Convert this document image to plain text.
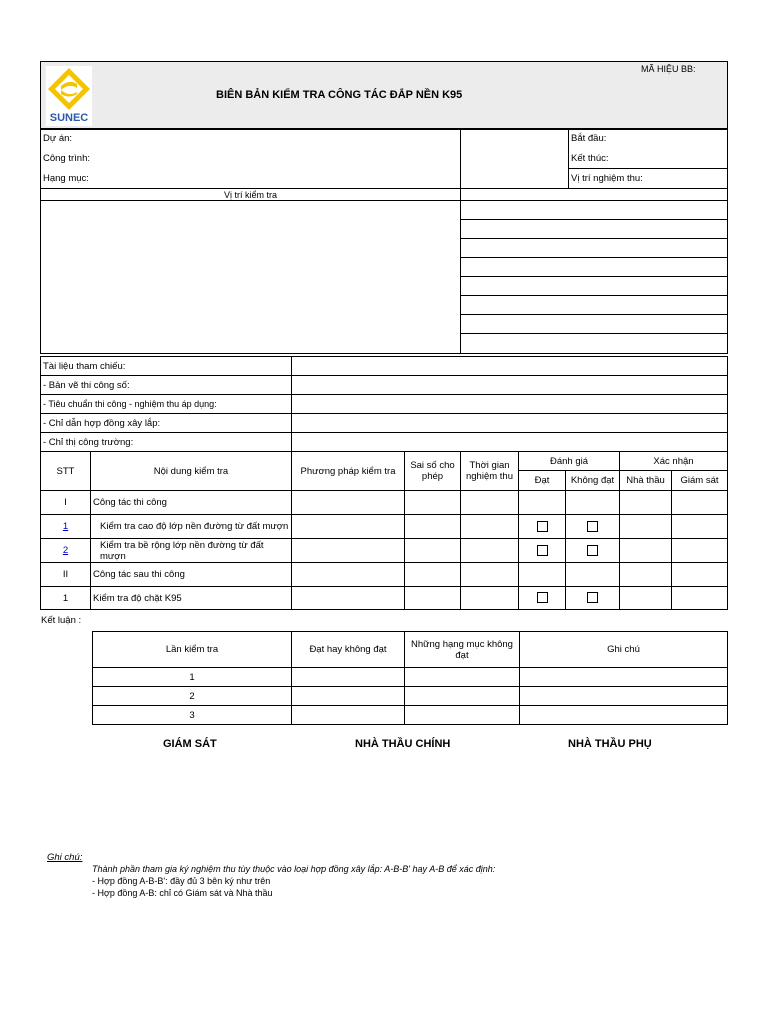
SUNEC
BIÊN BẢN KIỂM TRA CÔNG TÁC ĐẮP NỀN K95
MÃ HIỆU BB:
Dự án:		Bắt đầu:
Công trình:		Kết thúc:
Hạng mục:		Vị trí nghiệm thu:
Vị trí kiểm tra	

Tài liệu tham chiếu:	
- Bản vẽ thi công số:	
- Tiêu chuẩn thi công - nghiệm thu áp dụng:	
- Chỉ dẫn hợp đồng xây lắp:	
- Chỉ thị công trường:	
STT	Nội dung kiểm tra	Phương pháp kiểm tra	Sai số cho phép	Thời gian nghiệm thu	Đánh giá		Xác nhận	
					Đạt	Không đạt	Nhà thầu	Giám sát
I	Công tác thi công							
1	Kiểm tra cao độ lớp nền đường từ đất mượn							
2	Kiểm tra bề rộng lớp nền đường từ đất mượn							
II	Công tác sau thi công							
1	Kiểm tra độ chặt K95							
Kết luận :
Lần kiểm tra	Đạt hay không đạt	Những hạng mục không đạt	Ghi chú
1			
2			
3			
GIÁM SÁT	NHÀ THẦU CHÍNH	NHÀ THẦU PHỤ
Ghi chú:
Thành phần tham gia ký nghiệm thu tùy thuộc vào loại hợp đồng xây lắp: A-B-B' hay A-B để xác định:
- Hợp đồng A-B-B': đầy đủ 3 bên ký như trên
- Hợp đồng A-B: chỉ có Giám sát và Nhà thầu
